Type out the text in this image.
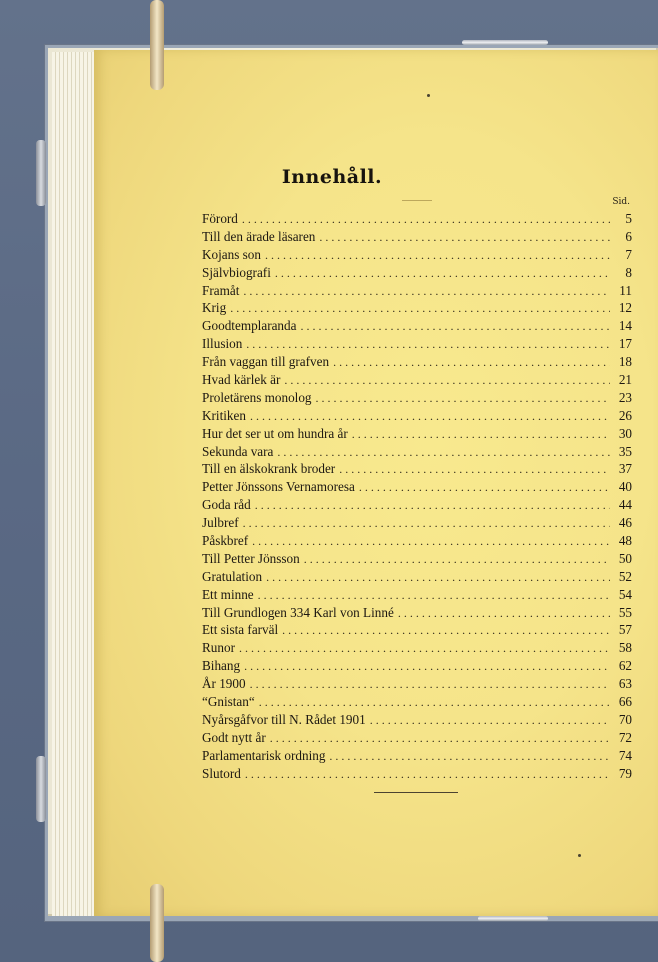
Innehåll.
Sid.
Förord . . .	5
Till den ärade läsaren . . .	6
Kojans son . . .	7
Självbiografi . . .	8
Framåt . . .	11
Krig . . .	12
Goodtemplaranda . . .	14
Illusion . . .	17
Från vaggan till grafven . . .	18
Hvad kärlek är . . .	21
Proletärens monolog . . .	23
Kritiken . . .	26
Hur det ser ut om hundra år . . .	30
Sekunda vara . . .	35
Till en älskokrank broder . . .	37
Petter Jönssons Vernamoresa . . .	40
Goda råd . . .	44
Julbref . . .	46
Påskbref . . .	48
Till Petter Jönsson . . .	50
Gratulation . . .	52
Ett minne . . .	54
Till Grundlogen 334 Karl von Linné . . .	55
Ett sista farväl . . .	57
Runor . . .	58
Bihang . . .	62
År 1900 . . .	63
“Gnistan“ . . .	66
Nyårsgåfvor till N. Rådet 1901 . . .	70
Godt nytt år . . .	72
Parlamentarisk ordning . . .	74
Slutord . . .	79
